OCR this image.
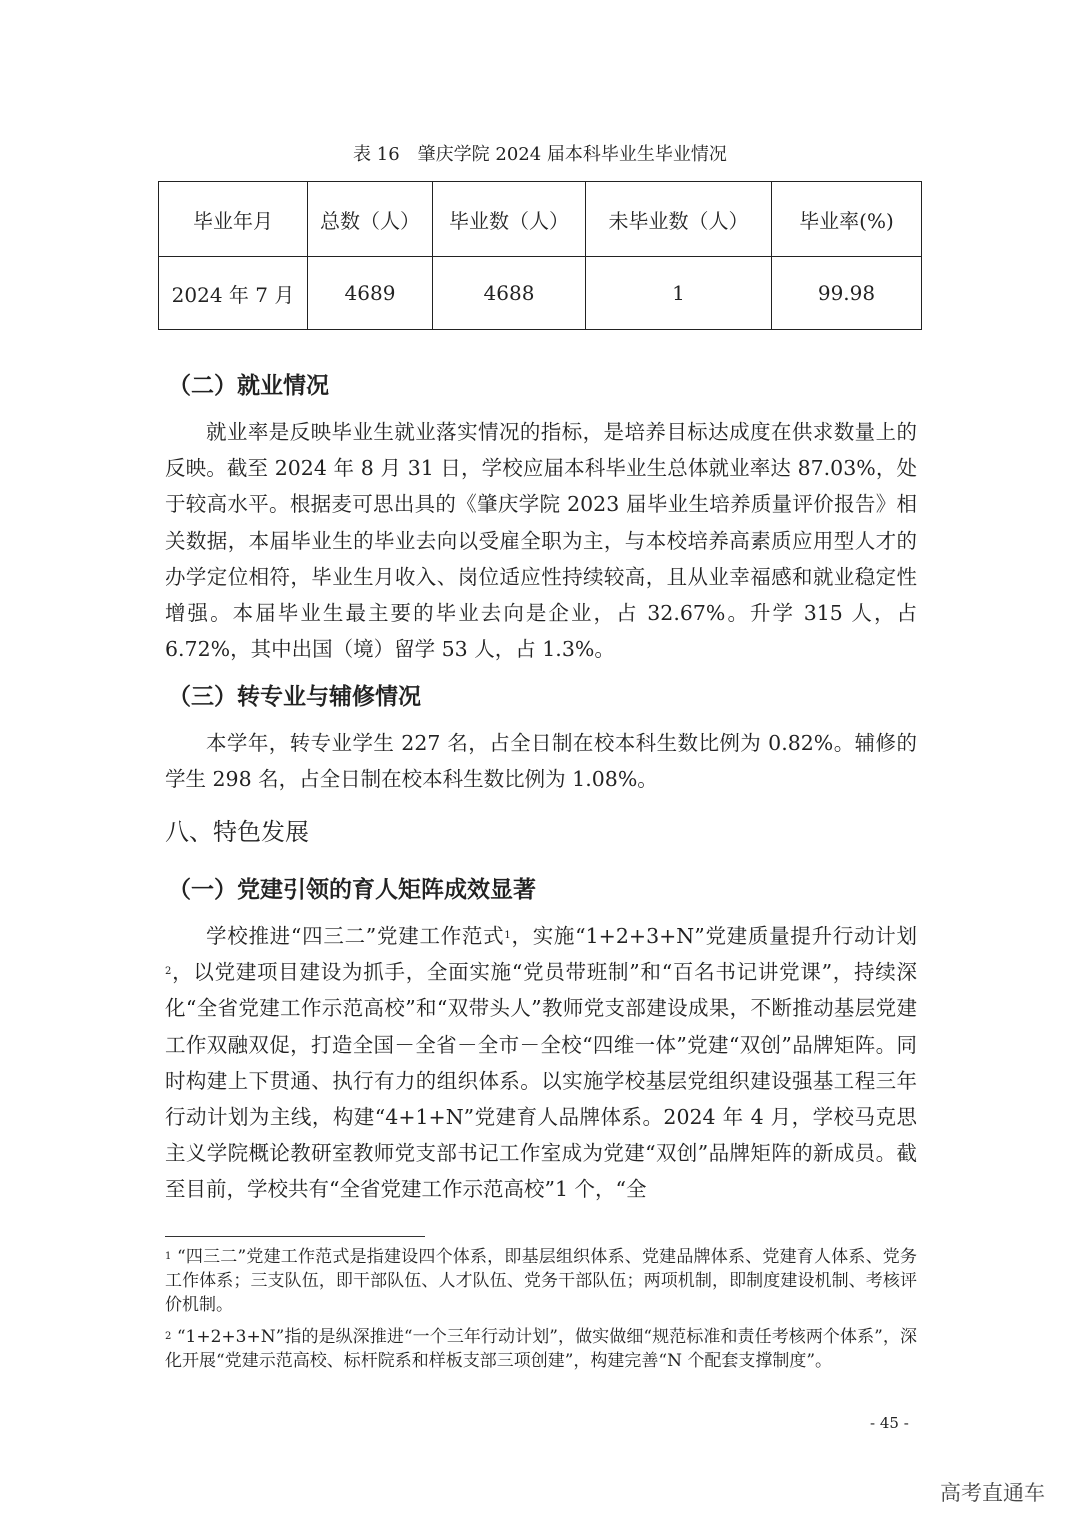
表 16　肇庆学院 2024 届本科毕业生毕业情况
毕业年月	总数（人）	毕业数（人）	未毕业数（人）	毕业率(%)
2024 年 7 月	4689	4688	1	99.98
（二）就业情况

就业率是反映毕业生就业落实情况的指标，是培养目标达成度在供求数量上的反映。截至 2024 年 8 月 31 日，学校应届本科毕业生总体就业率达 87.03%，处于较高水平。根据麦可思出具的《肇庆学院 2023 届毕业生培养质量评价报告》相关数据，本届毕业生的毕业去向以受雇全职为主，与本校培养高素质应用型人才的办学定位相符，毕业生月收入、岗位适应性持续较高，且从业幸福感和就业稳定性增强。本届毕业生最主要的毕业去向是企业，占 32.67%。升学 315 人，占 6.72%，其中出国（境）留学 53 人，占 1.3%。

（三）转专业与辅修情况

本学年，转专业学生 227 名，占全日制在校本科生数比例为 0.82%。辅修的学生 298 名，占全日制在校本科生数比例为 1.08%。

八、特色发展
（一）党建引领的育人矩阵成效显著

学校推进“四三二”党建工作范式$^1$，实施“1+2+3+N”党建质量提升行动计划$^2$，以党建项目建设为抓手，全面实施“党员带班制”和“百名书记讲党课”，持续深化“全省党建工作示范高校”和“双带头人”教师党支部建设成果，不断推动基层党建工作双融双促，打造全国－全省－全市－全校“四维一体”党建“双创”品牌矩阵。同时构建上下贯通、执行有力的组织体系。以实施学校基层党组织建设强基工程三年行动计划为主线，构建“4+1+N”党建育人品牌体系。2024 年 4 月，学校马克思主义学院概论教研室教师党支部书记工作室成为党建“双创”品牌矩阵的新成员。截至目前，学校共有“全省党建工作示范高校”1 个，“全

$^1$ “四三二”党建工作范式是指建设四个体系，即基层组织体系、党建品牌体系、党建育人体系、党务工作体系；三支队伍，即干部队伍、人才队伍、党务干部队伍；两项机制，即制度建设机制、考核评价机制。

$^2$ “1+2+3+N”指的是纵深推进“一个三年行动计划”，做实做细“规范标准和责任考核两个体系”，深化开展“党建示范高校、标杆院系和样板支部三项创建”，构建完善“N 个配套支撑制度”。

- 45 -
高考直通车
